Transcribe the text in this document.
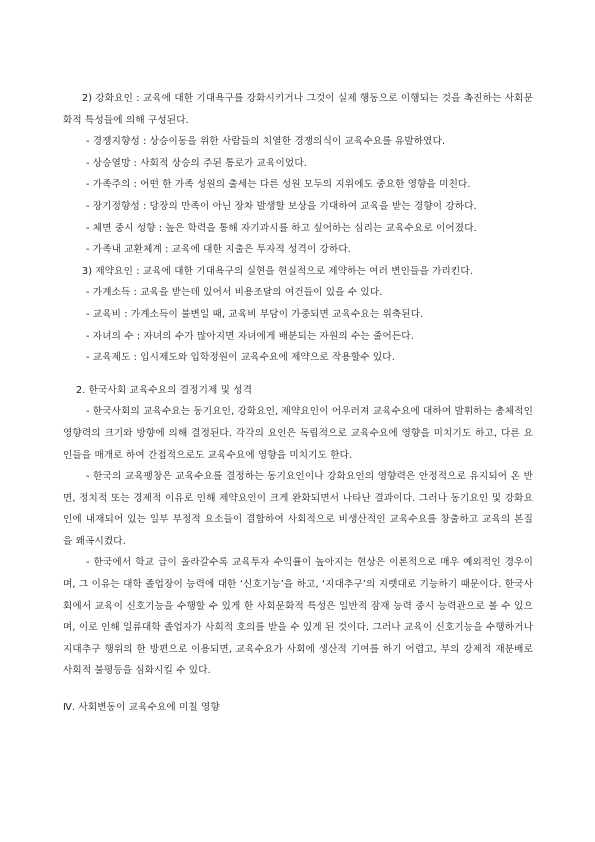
2) 강화요인 : 교육에 대한 기대욕구를 강화시키거나 그것이 실제 행동으로 이행되는 것을 촉진하는 사회문화적 특성들에 의해 구성된다.

- 경쟁지향성 : 상승이동을 위한 사람들의 치열한 경쟁의식이 교육수요를 유발하였다.

- 상승열망 : 사회적 상승의 주된 통로가 교육이었다.

- 가족주의 : 어떤 한 가족 성원의 출세는 다른 성원 모두의 지위에도 중요한 영향을 미친다.

- 장기정향성 : 당장의 만족이 아닌 장차 발생할 보상을 기대하여 교육을 받는 경향이 강하다.

- 체면 중시 성향 : 높은 학력을 통해 자기과시를 하고 싶어하는 심리는 교육수요로 이어졌다.

- 가족내 교환체계 : 교육에 대한 지출은 투자적 성격이 강하다.

3) 제약요인 : 교육에 대한 기대욕구의 실현을 현실적으로 제약하는 여러 변인들을 가리킨다.

- 가계소득 : 교육을 받는데 있어서 비용조달의 여건들이 있을 수 있다.

- 교육비 : 가계소득이 불변일 때, 교육비 부담이 가중되면 교육수요는 위축된다.

- 자녀의 수 : 자녀의 수가 많아지면 자녀에게 배분되는 자원의 수는 줄어든다.

- 교육제도 : 입시제도와 입학정원이 교육수요에 제약으로 작용할수 있다.

2. 한국사회 교육수요의 결정기제 및 성격

- 한국사회의 교육수요는 동기요인, 강화요인, 제약요인이 어우러져 교육수요에 대하여 발휘하는 총체적인 영향력의 크기와 방향에 의해 결정된다. 각각의 요인은 독립적으로 교육수요에 영향을 미치기도 하고, 다른 요인들을 매개로 하여 간접적으로도 교육수요에 영향을 미치기도 한다.

- 한국의 교육팽창은 교육수요를 결정하는 동기요인이나 강화요인의 영향력은 안정적으로 유지되어 온 반면, 정치적 또는 경제적 이유로 인해 제약요인이 크게 완화되면서 나타난 결과이다. 그러나 동기요인 및 강화요인에 내재되어 있는 일부 부정적 요소들이 결합하여 사회적으로 비생산적인 교육수요를 창출하고 교육의 본질을 왜곡시켰다.

- 한국에서 학교 급이 올라갈수록 교육투자 수익률이 높아지는 현상은 이론적으로 매우 예외적인 경우이며, 그 이유는 대학 졸업장이 능력에 대한 ‘신호기능’을 하고, ‘지대추구’의 지렛대로 기능하기 때문이다. 한국사회에서 교육이 신호기능을 수행할 수 있게 한 사회문화적 특성은 일반적 잠재 능력 중시 능력관으로 볼 수 있으며, 이로 인해 일류대학 졸업자가 사회적 호의를 받을 수 있게 된 것이다. 그러나 교육이 신호기능을 수행하거나 지대추구 행위의 한 방편으로 이용되면, 교육수요가 사회에 생산적 기여를 하기 어렵고, 부의 강제적 재분배로 사회적 불평등을 심화시킬 수 있다.

Ⅳ. 사회변동이 교육수요에 미칠 영향
